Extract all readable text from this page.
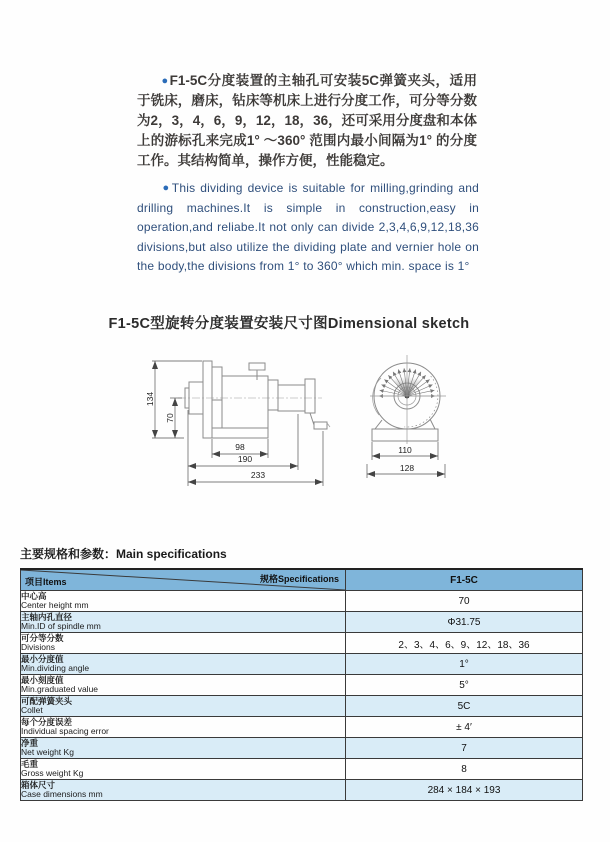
●F1-5C分度装置的主轴孔可安装5C弹簧夹头，适用于铣床，磨床，钻床等机床上进行分度工作，可分等分数为2，3，4，6，9，12，18，36，还可采用分度盘和本体上的游标孔来完成1° ～360° 范围内最小间隔为1° 的分度工作。其结构简单，操作方便，性能稳定。

●This dividing device is suitable for milling,grinding and drilling machines.It is simple in construction,easy in operation,and reliabe.It not only can divide 2,3,4,6,9,12,18,36 divisions,but also utilize the dividing plate and vernier hole on the body,the divisions from 1° to 360° which min. space is 1°

F1-5C型旋转分度装置安装尺寸图Dimensional sketch
134
70
98
190
233
110
128
主要规格和参数：Main specifications
项目Items 规格Specifications	F1-5C

中心高
Center height mm	70

主轴内孔直径
Min.ID of spindle mm	Φ31.75

可分等分数
Divisions	2、3、4、6、9、12、18、36

最小分度值
Min.dividing angle	1°

最小刻度值
Min.graduated value	5°

可配弹簧夹头
Collet	5C

每个分度误差
Individual spacing error	± 4′

净重
Net weight Kg	7

毛重
Gross weight Kg	8

箱体尺寸
Case dimensions mm	284 × 184 × 193
